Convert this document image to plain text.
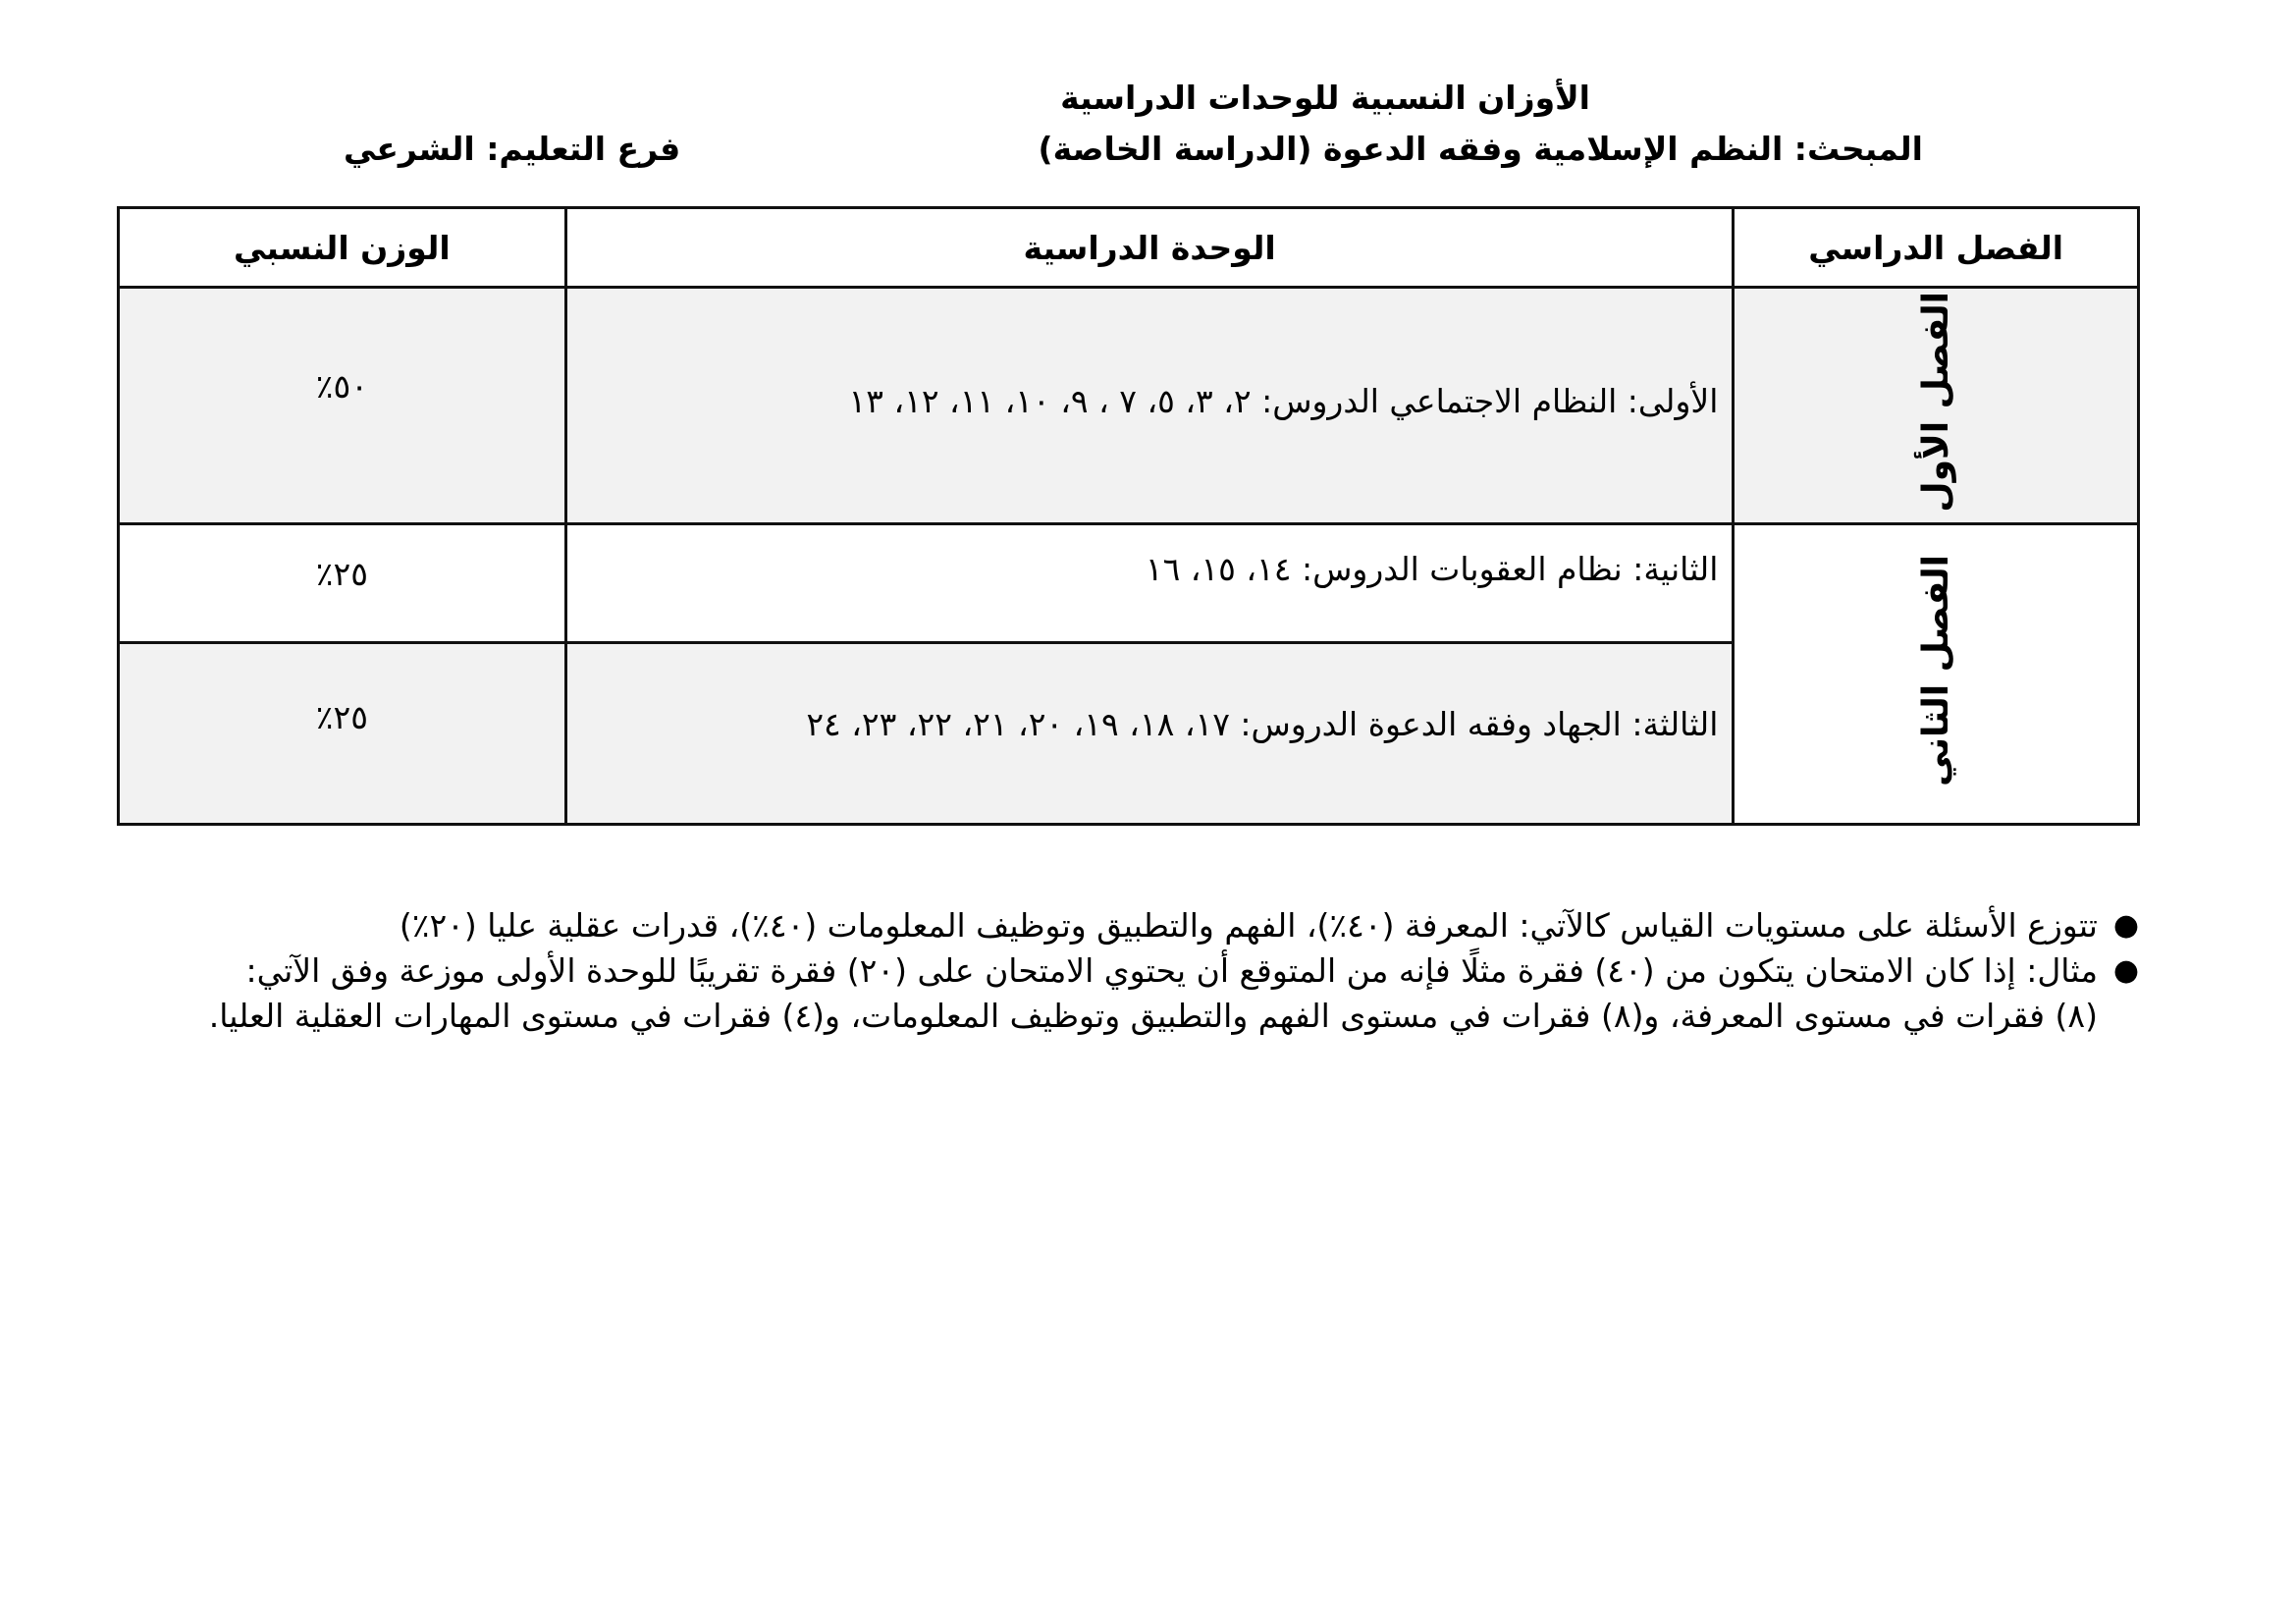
الأوزان النسبية للوحدات الدراسية
المبحث: النظم الإسلامية وفقه الدعوة (الدراسة الخاصة)
فرع التعليم: الشرعي
الفصل الدراسي	الوحدة الدراسية	الوزن النسبي
الفصل الأول	الأولى: النظام الاجتماعي الدروس: ٢، ٣، ٥، ٧ ، ٩، ١٠، ١١، ١٢، ١٣	٥٠٪
الفصل الثاني	الثانية: نظام العقوبات الدروس: ١٤، ١٥، ١٦	٢٥٪

	الثالثة: الجهاد وفقه الدعوة الدروس: ١٧، ١٨، ١٩، ٢٠، ٢١، ٢٢، ٢٣، ٢٤	٢٥٪
●
تتوزع الأسئلة على مستويات القياس كالآتي: المعرفة (٤٠٪)، الفهم والتطبيق وتوظيف المعلومات (٤٠٪)، قدرات عقلية عليا (٢٠٪)
●
مثال: إذا كان الامتحان يتكون من (٤٠) فقرة مثلًا فإنه من المتوقع أن يحتوي الامتحان على (٢٠) فقرة تقريبًا للوحدة الأولى موزعة وفق الآتي:
(٨) فقرات في مستوى المعرفة، و(٨) فقرات في مستوى الفهم والتطبيق وتوظيف المعلومات، و(٤) فقرات في مستوى المهارات العقلية العليا.
